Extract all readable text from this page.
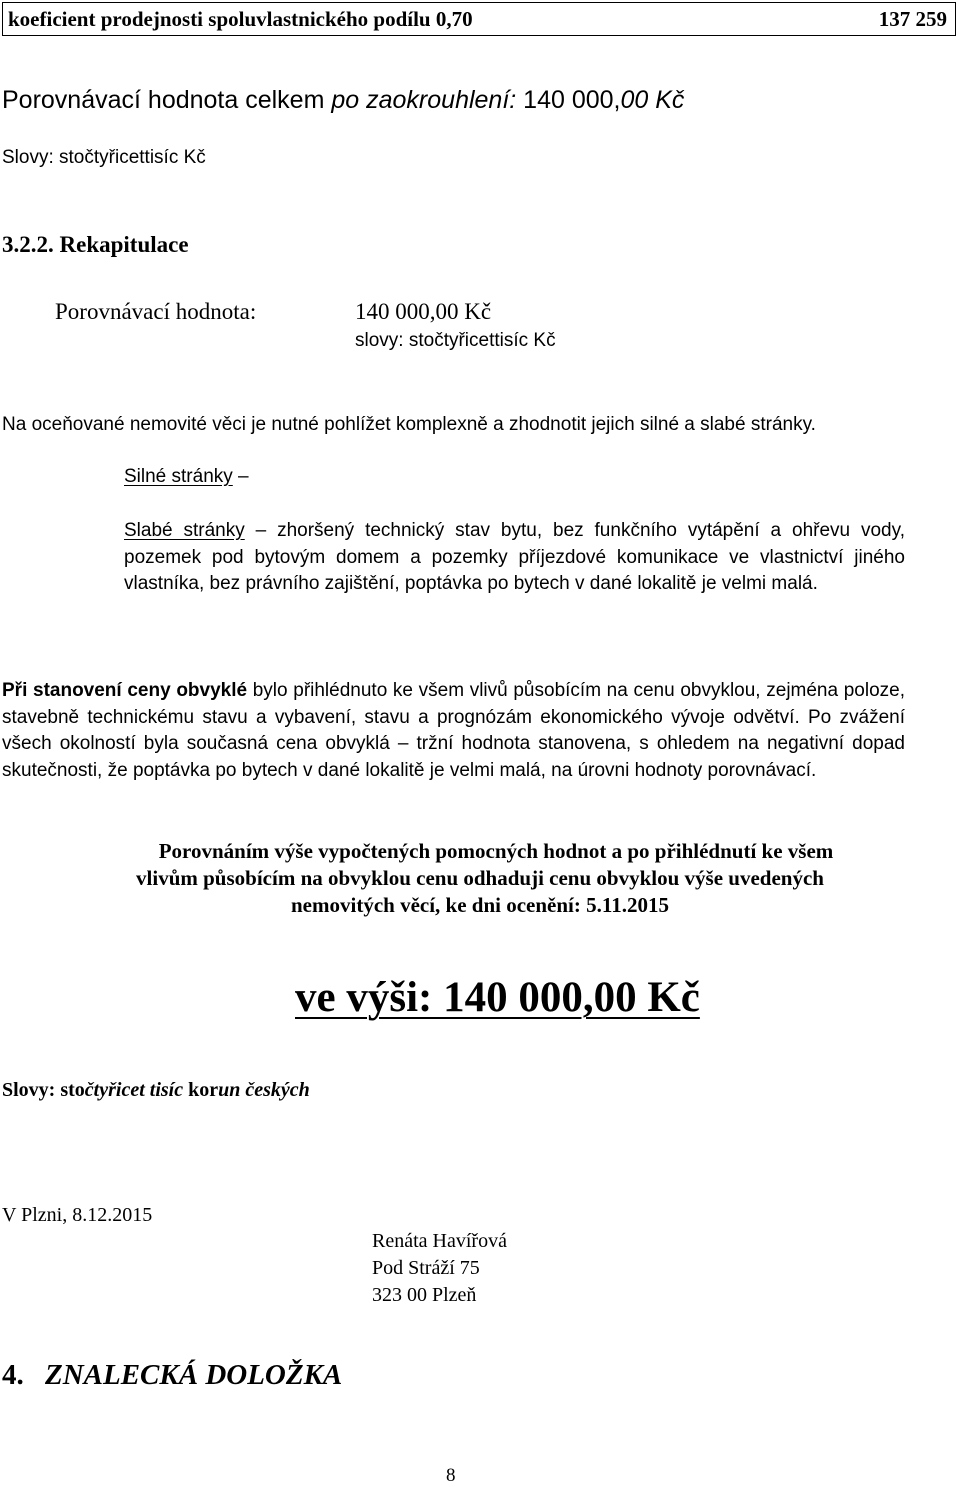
koeficient prodejnosti spoluvlastnického podílu 0,70	137 259
Porovnávací hodnota celkem po zaokrouhlení: 140 000,00 Kč
Slovy: stočtyřicettisíc Kč
3.2.2. Rekapitulace
Porovnávací hodnota:	140 000,00 Kč
slovy: stočtyřicettisíc Kč
Na oceňované nemovité věci je nutné pohlížet komplexně a zhodnotit jejich silné a slabé stránky.
Silné stránky –
Slabé stránky – zhoršený technický stav bytu, bez funkčního vytápění a ohřevu vody, pozemek pod bytovým domem a pozemky příjezdové komunikace ve vlastnictví jiného vlastníka, bez právního zajištění, poptávka po bytech v dané lokalitě je velmi malá.
Při stanovení ceny obvyklé bylo přihlédnuto ke všem vlivů působícím na cenu obvyklou, zejména poloze, stavebně technickému stavu a vybavení, stavu a prognózám ekonomického vývoje odvětví. Po zvážení všech okolností byla současná cena obvyklá – tržní hodnota stanovena, s ohledem na negativní dopad skutečnosti, že poptávka po bytech v dané lokalitě je velmi malá, na úrovni hodnoty porovnávací.
Porovnáním výše vypočtených pomocných hodnot a po přihlédnutí ke všem
vlivům působícím na obvyklou cenu odhaduji cenu obvyklou výše uvedených
nemovitých věcí, ke dni ocenění: 5.11.2015
ve výši: 140 000,00 Kč
Slovy: stočtyřicet tisíc korun českých
V Plzni, 8.12.2015
Renáta Havířová
Pod Stráží 75
323 00 Plzeň
4. ZNALECKÁ DOLOŽKA
8
